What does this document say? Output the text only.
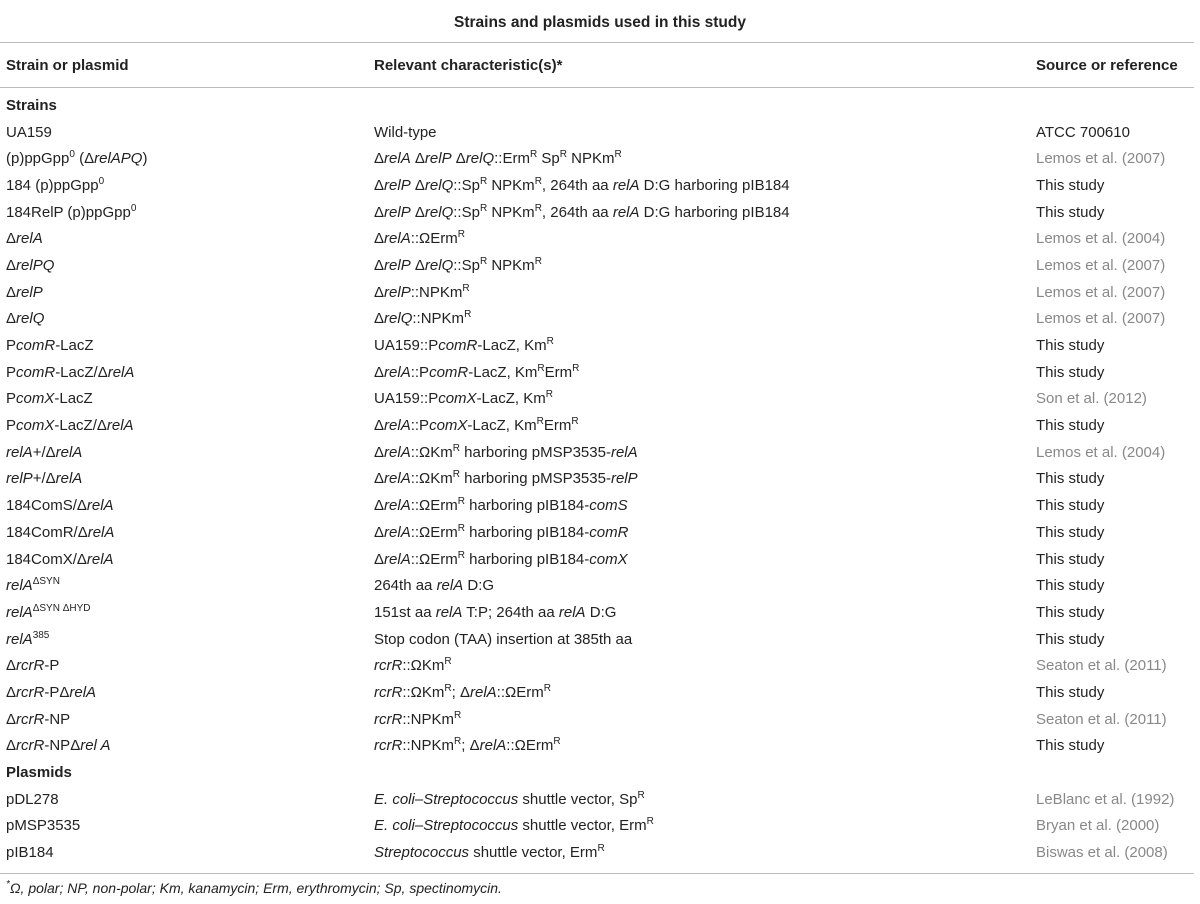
Strains and plasmids used in this study
Strain or plasmid	Relevant characteristic(s)*	Source or reference
Strains		
UA159	Wild-type	ATCC 700610
(p)ppGpp$^0$ (ΔrelAPQ)	ΔrelA ΔrelP ΔrelQ::Erm$^R$ $Sp^R$ NPKm$^R$	Lemos et al. (2007)
184 (p)ppGpp$^0$	ΔrelP $\Delta relQ::Sp^R$ NPKm$^R$, 264th aa relA D:G harboring pIB184	This study
184RelP (p)ppGpp$^0$	ΔrelP $\Delta relQ::Sp^R$ NPKm$^R$, 264th aa relA D:G harboring pIB184	This study
ΔrelA	ΔrelA::ΩErm$^R$	Lemos et al. (2004)
ΔrelPQ	ΔrelP $\Delta relQ::Sp^R$ NPKm$^R$	Lemos et al. (2007)
ΔrelP	ΔrelP::NPKm$^R$	Lemos et al. (2007)
ΔrelQ	ΔrelQ::NPKm$^R$	Lemos et al. (2007)
PcomR-LacZ	UA159::PcomR-LacZ, $Km^R$	This study
PcomR-LacZ/ΔrelA	ΔrelA::PcomR-LacZ, $Km^RErm^R$	This study
PcomX-LacZ	UA159::PcomX-LacZ, $Km^R$	Son et al. (2012)
PcomX-LacZ/ΔrelA	ΔrelA::PcomX-LacZ, $Km^RErm^R$	This study
relA+/ΔrelA	ΔrelA::ΩKm$^R$ harboring pMSP3535-relA	Lemos et al. (2004)
relP+/ΔrelA	ΔrelA::ΩKm$^R$ harboring pMSP3535-relP	This study
184ComS/ΔrelA	ΔrelA::ΩErm$^R$ harboring pIB184-comS	This study
184ComR/ΔrelA	ΔrelA::ΩErm$^R$ harboring pIB184-comR	This study
184ComX/ΔrelA	ΔrelA::ΩErm$^R$ harboring pIB184-comX	This study
relA$^{\Delta SYN}$	264th aa relA D:G	This study
relA$^{\Delta SYN \Delta HYD}$	151st aa relA T:P; 264th aa relA D:G	This study
relA$^{385}$	Stop codon (TAA) insertion at 385th aa	This study
ΔrcrR-P	rcrR::ΩKm$^R$	Seaton et al. (2011)
ΔrcrR-PΔrelA	rcrR::ΩKm$^R$; ΔrelA::ΩErm$^R$	This study
ΔrcrR-NP	rcrR::NPKm$^R$	Seaton et al. (2011)
ΔrcrR-NPΔrel A	rcrR::NPKm$^R$; ΔrelA::ΩErm$^R$	This study
Plasmids		
pDL278	E. coli–Streptococcus shuttle vector, $Sp^R$	LeBlanc et al. (1992)
pMSP3535	E. coli–Streptococcus shuttle vector, Erm$^R$	Bryan et al. (2000)
pIB184	Streptococcus shuttle vector, Erm$^R$	Biswas et al. (2008)
*Ω, polar; NP, non-polar; Km, kanamycin; Erm, erythromycin; Sp, spectinomycin.
